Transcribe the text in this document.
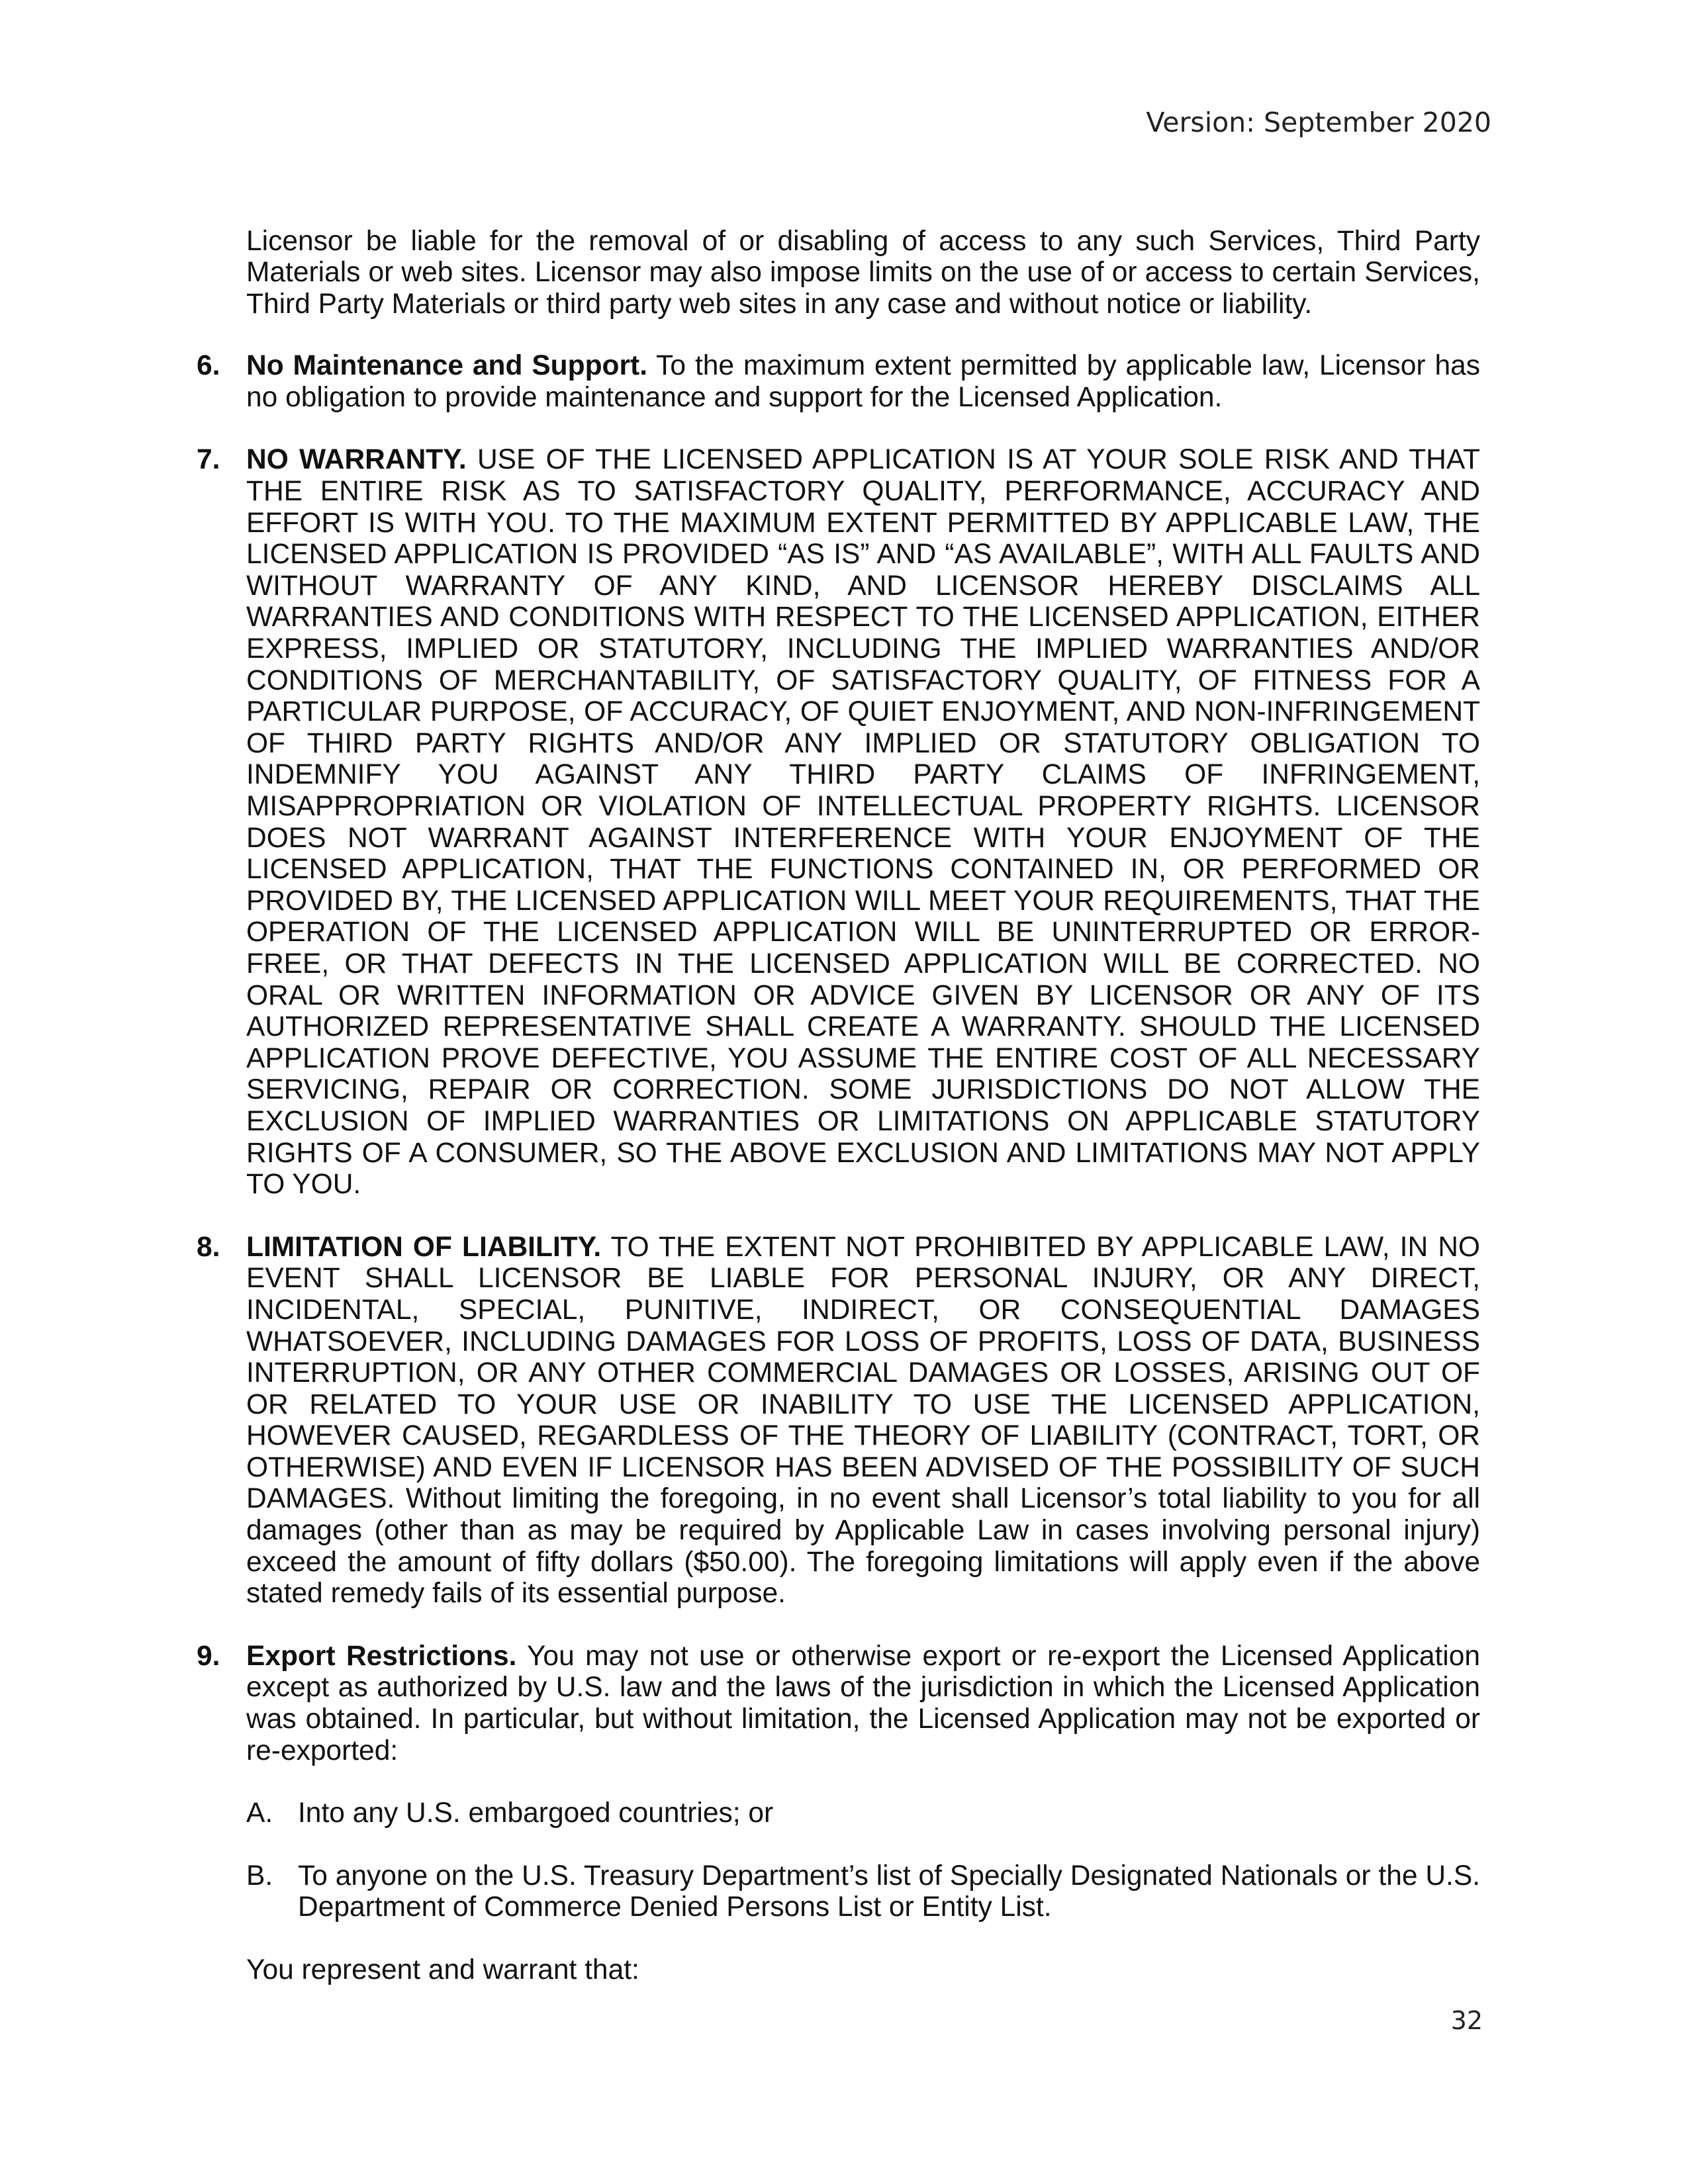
Version: September 2020

Licensor be liable for the removal of or disabling of access to any such Services, Third Party Materials or web sites. Licensor may also impose limits on the use of or access to certain Services, Third Party Materials or third party web sites in any case and without notice or liability.

6. No Maintenance and Support. To the maximum extent permitted by applicable law, Licensor has no obligation to provide maintenance and support for the Licensed Application.
7. NO WARRANTY. USE OF THE LICENSED APPLICATION IS AT YOUR SOLE RISK AND THAT THE ENTIRE RISK AS TO SATISFACTORY QUALITY, PERFORMANCE, ACCURACY AND EFFORT IS WITH YOU. TO THE MAXIMUM EXTENT PERMITTED BY APPLICABLE LAW, THE LICENSED APPLICATION IS PROVIDED “AS IS” AND “AS AVAILABLE”, WITH ALL FAULTS AND WITHOUT WARRANTY OF ANY KIND, AND LICENSOR HEREBY DISCLAIMS ALL WARRANTIES AND CONDITIONS WITH RESPECT TO THE LICENSED APPLICATION, EITHER EXPRESS, IMPLIED OR STATUTORY, INCLUDING THE IMPLIED WARRANTIES AND/OR CONDITIONS OF MERCHANTABILITY, OF SATISFACTORY QUALITY, OF FITNESS FOR A PARTICULAR PURPOSE, OF ACCURACY, OF QUIET ENJOYMENT, AND NON-INFRINGEMENT OF THIRD PARTY RIGHTS AND/OR ANY IMPLIED OR STATUTORY OBLIGATION TO INDEMNIFY YOU AGAINST ANY THIRD PARTY CLAIMS OF INFRINGEMENT, MISAPPROPRIATION OR VIOLATION OF INTELLECTUAL PROPERTY RIGHTS. LICENSOR DOES NOT WARRANT AGAINST INTERFERENCE WITH YOUR ENJOYMENT OF THE LICENSED APPLICATION, THAT THE FUNCTIONS CONTAINED IN, OR PERFORMED OR PROVIDED BY, THE LICENSED APPLICATION WILL MEET YOUR REQUIREMENTS, THAT THE OPERATION OF THE LICENSED APPLICATION WILL BE UNINTERRUPTED OR ERROR- FREE, OR THAT DEFECTS IN THE LICENSED APPLICATION WILL BE CORRECTED. NO ORAL OR WRITTEN INFORMATION OR ADVICE GIVEN BY LICENSOR OR ANY OF ITS AUTHORIZED REPRESENTATIVE SHALL CREATE A WARRANTY. SHOULD THE LICENSED APPLICATION PROVE DEFECTIVE, YOU ASSUME THE ENTIRE COST OF ALL NECESSARY SERVICING, REPAIR OR CORRECTION. SOME JURISDICTIONS DO NOT ALLOW THE EXCLUSION OF IMPLIED WARRANTIES OR LIMITATIONS ON APPLICABLE STATUTORY RIGHTS OF A CONSUMER, SO THE ABOVE EXCLUSION AND LIMITATIONS MAY NOT APPLY TO YOU.
8. LIMITATION OF LIABILITY. TO THE EXTENT NOT PROHIBITED BY APPLICABLE LAW, IN NO EVENT SHALL LICENSOR BE LIABLE FOR PERSONAL INJURY, OR ANY DIRECT, INCIDENTAL, SPECIAL, PUNITIVE, INDIRECT, OR CONSEQUENTIAL DAMAGES WHATSOEVER, INCLUDING DAMAGES FOR LOSS OF PROFITS, LOSS OF DATA, BUSINESS INTERRUPTION, OR ANY OTHER COMMERCIAL DAMAGES OR LOSSES, ARISING OUT OF OR RELATED TO YOUR USE OR INABILITY TO USE THE LICENSED APPLICATION, HOWEVER CAUSED, REGARDLESS OF THE THEORY OF LIABILITY (CONTRACT, TORT, OR OTHERWISE) AND EVEN IF LICENSOR HAS BEEN ADVISED OF THE POSSIBILITY OF SUCH DAMAGES. Without limiting the foregoing, in no event shall Licensor’s total liability to you for all damages (other than as may be required by Applicable Law in cases involving personal injury) exceed the amount of fifty dollars ($50.00). The foregoing limitations will apply even if the above stated remedy fails of its essential purpose.
9. Export Restrictions. You may not use or otherwise export or re-export the Licensed Application except as authorized by U.S. law and the laws of the jurisdiction in which the Licensed Application was obtained. In particular, but without limitation, the Licensed Application may not be exported or re-exported:
A. Into any U.S. embargoed countries; or
B. To anyone on the U.S. Treasury Department’s list of Specially Designated Nationals or the U.S. Department of Commerce Denied Persons List or Entity List.

You represent and warrant that:

32
